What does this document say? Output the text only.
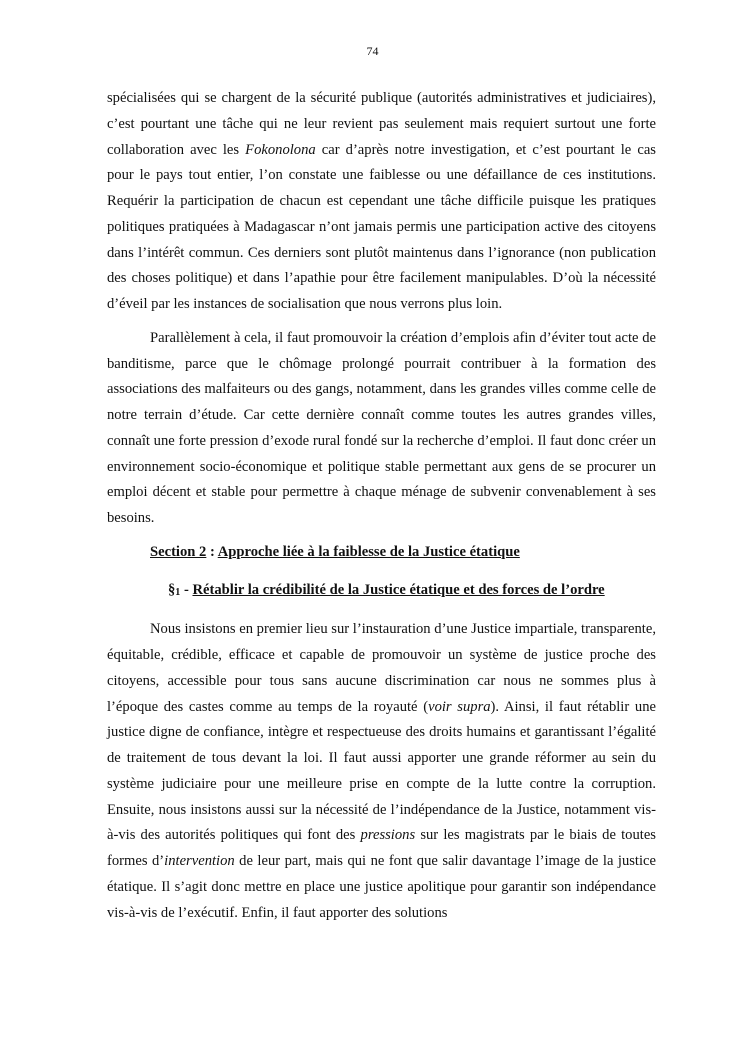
74

spécialisées qui se chargent de la sécurité publique (autorités administratives et judiciaires), c’est pourtant une tâche qui ne leur revient pas seulement mais requiert surtout une forte collaboration avec les Fokonolona car d’après notre investigation, et c’est pourtant le cas pour le pays tout entier, l’on constate une faiblesse ou une défaillance de ces institutions. Requérir la participation de chacun est cependant une tâche difficile puisque les pratiques politiques pratiquées à Madagascar n’ont jamais permis une participation active des citoyens dans l’intérêt commun. Ces derniers sont plutôt maintenus dans l’ignorance (non publication des choses politique) et dans l’apathie pour être facilement manipulables. D’où la nécessité d’éveil par les instances de socialisation que nous verrons plus loin.

Parallèlement à cela, il faut promouvoir la création d’emplois afin d’éviter tout acte de banditisme, parce que le chômage prolongé pourrait contribuer à la formation des associations des malfaiteurs ou des gangs, notamment, dans les grandes villes comme celle de notre terrain d’étude. Car cette dernière connaît comme toutes les autres grandes villes, connaît une forte pression d’exode rural fondé sur la recherche d’emploi. Il faut donc créer un environnement socio-économique et politique stable permettant aux gens de se procurer un emploi décent et stable pour permettre à chaque ménage de subvenir convenablement à ses besoins.

Section 2 : Approche liée à la faiblesse de la Justice étatique
$\S_1$ - Rétablir la crédibilité de la Justice étatique et des forces de l’ordre

Nous insistons en premier lieu sur l’instauration d’une Justice impartiale, transparente, équitable, crédible, efficace et capable de promouvoir un système de justice proche des citoyens, accessible pour tous sans aucune discrimination car nous ne sommes plus à l’époque des castes comme au temps de la royauté (voir supra). Ainsi, il faut rétablir une justice digne de confiance, intègre et respectueuse des droits humains et garantissant l’égalité de traitement de tous devant la loi. Il faut aussi apporter une grande réformer au sein du système judiciaire pour une meilleure prise en compte de la lutte contre la corruption. Ensuite, nous insistons aussi sur la nécessité de l’indépendance de la Justice, notamment vis-à-vis des autorités politiques qui font des pressions sur les magistrats par le biais de toutes formes d’intervention de leur part, mais qui ne font que salir davantage l’image de la justice étatique. Il s’agit donc mettre en place une justice apolitique pour garantir son indépendance vis-à-vis de l’exécutif. Enfin, il faut apporter des solutions
